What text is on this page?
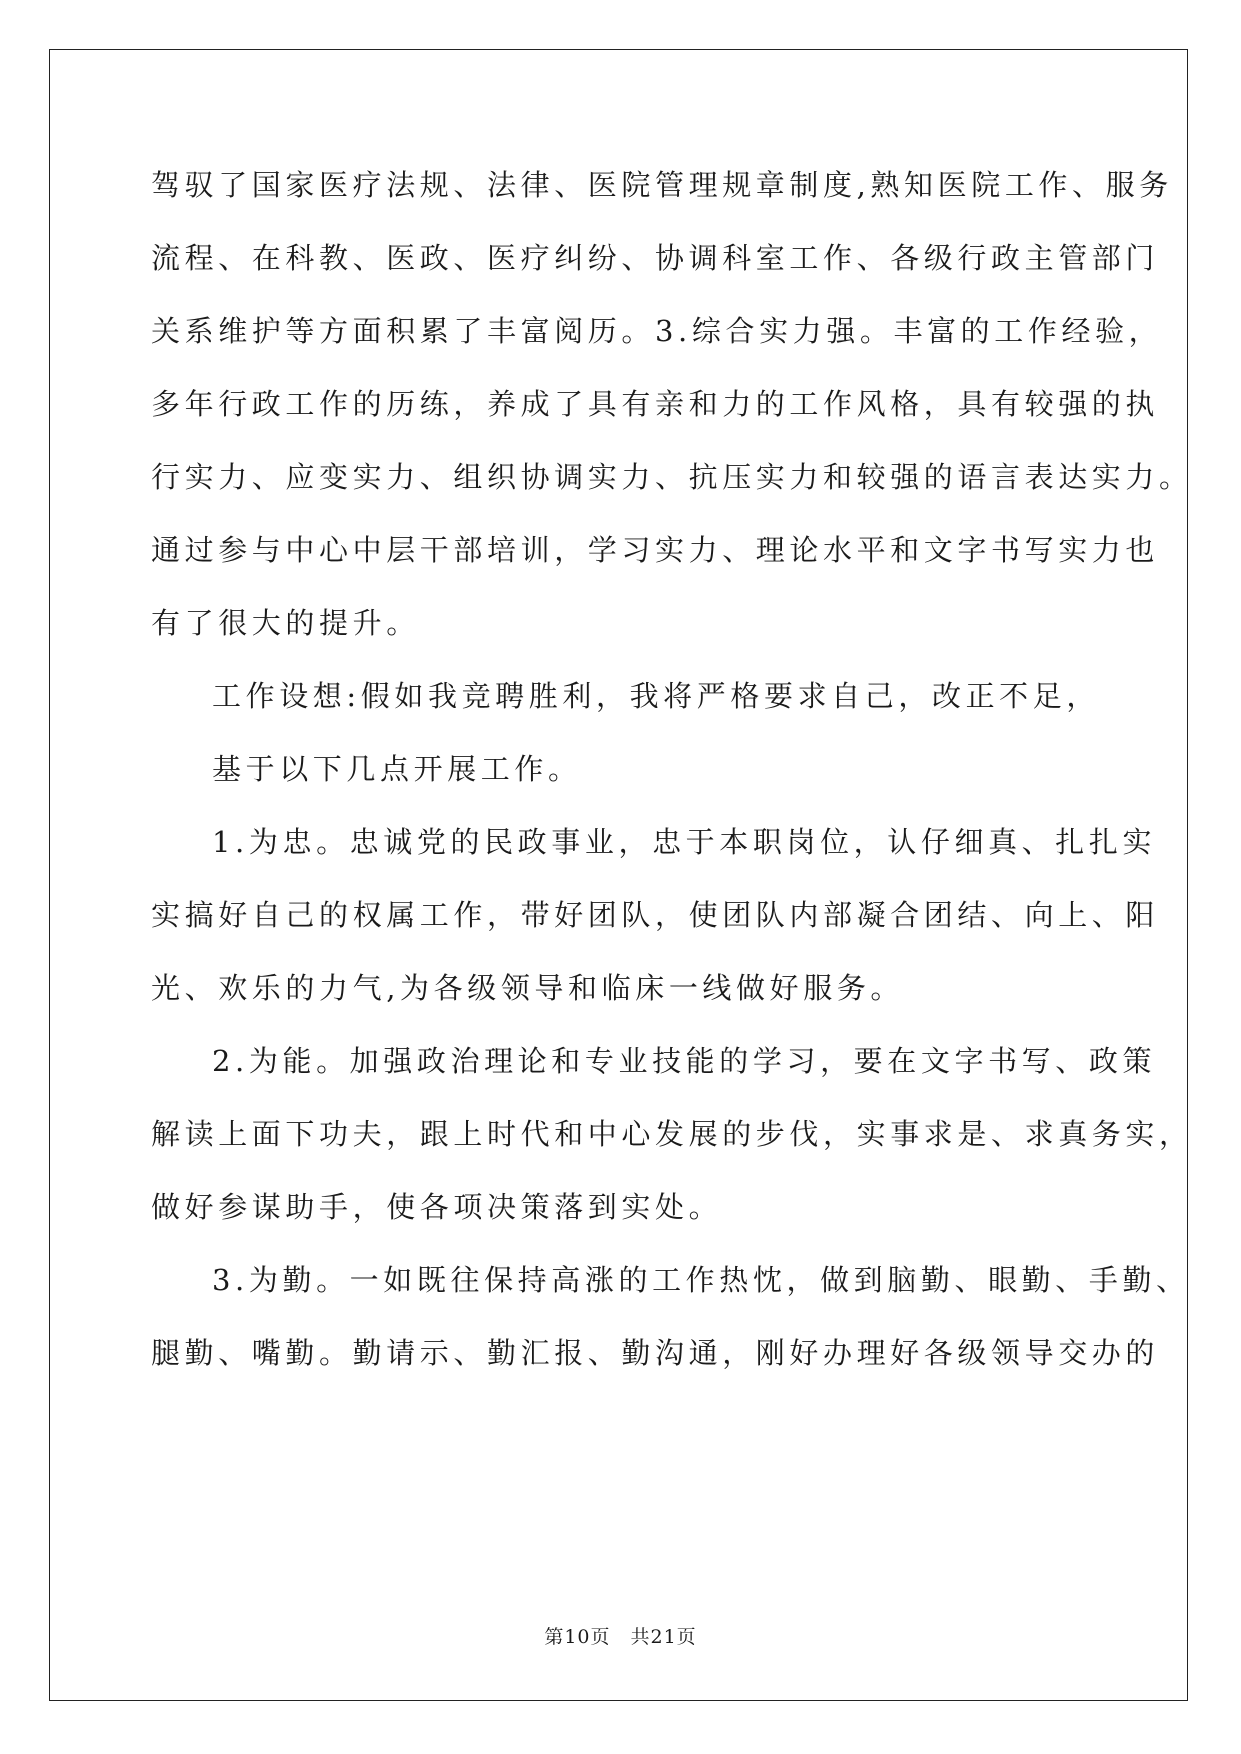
驾驭了国家医疗法规、法律、医院管理规章制度,熟知医院工作、服务
流程、在科教、医政、医疗纠纷、协调科室工作、各级行政主管部门
关系维护等方面积累了丰富阅历。3.综合实力强。丰富的工作经验，
多年行政工作的历练，养成了具有亲和力的工作风格，具有较强的执
行实力、应变实力、组织协调实力、抗压实力和较强的语言表达实力。
通过参与中心中层干部培训，学习实力、理论水平和文字书写实力也
有了很大的提升。
工作设想:假如我竞聘胜利，我将严格要求自己，改正不足，
基于以下几点开展工作。
1.为忠。忠诚党的民政事业，忠于本职岗位，认仔细真、扎扎实
实搞好自己的权属工作，带好团队，使团队内部凝合团结、向上、阳
光、欢乐的力气,为各级领导和临床一线做好服务。
2.为能。加强政治理论和专业技能的学习，要在文字书写、政策
解读上面下功夫，跟上时代和中心发展的步伐，实事求是、求真务实，
做好参谋助手，使各项决策落到实处。
3.为勤。一如既往保持高涨的工作热忱，做到脑勤、眼勤、手勤、
腿勤、嘴勤。勤请示、勤汇报、勤沟通，刚好办理好各级领导交办的
第10页　共21页
